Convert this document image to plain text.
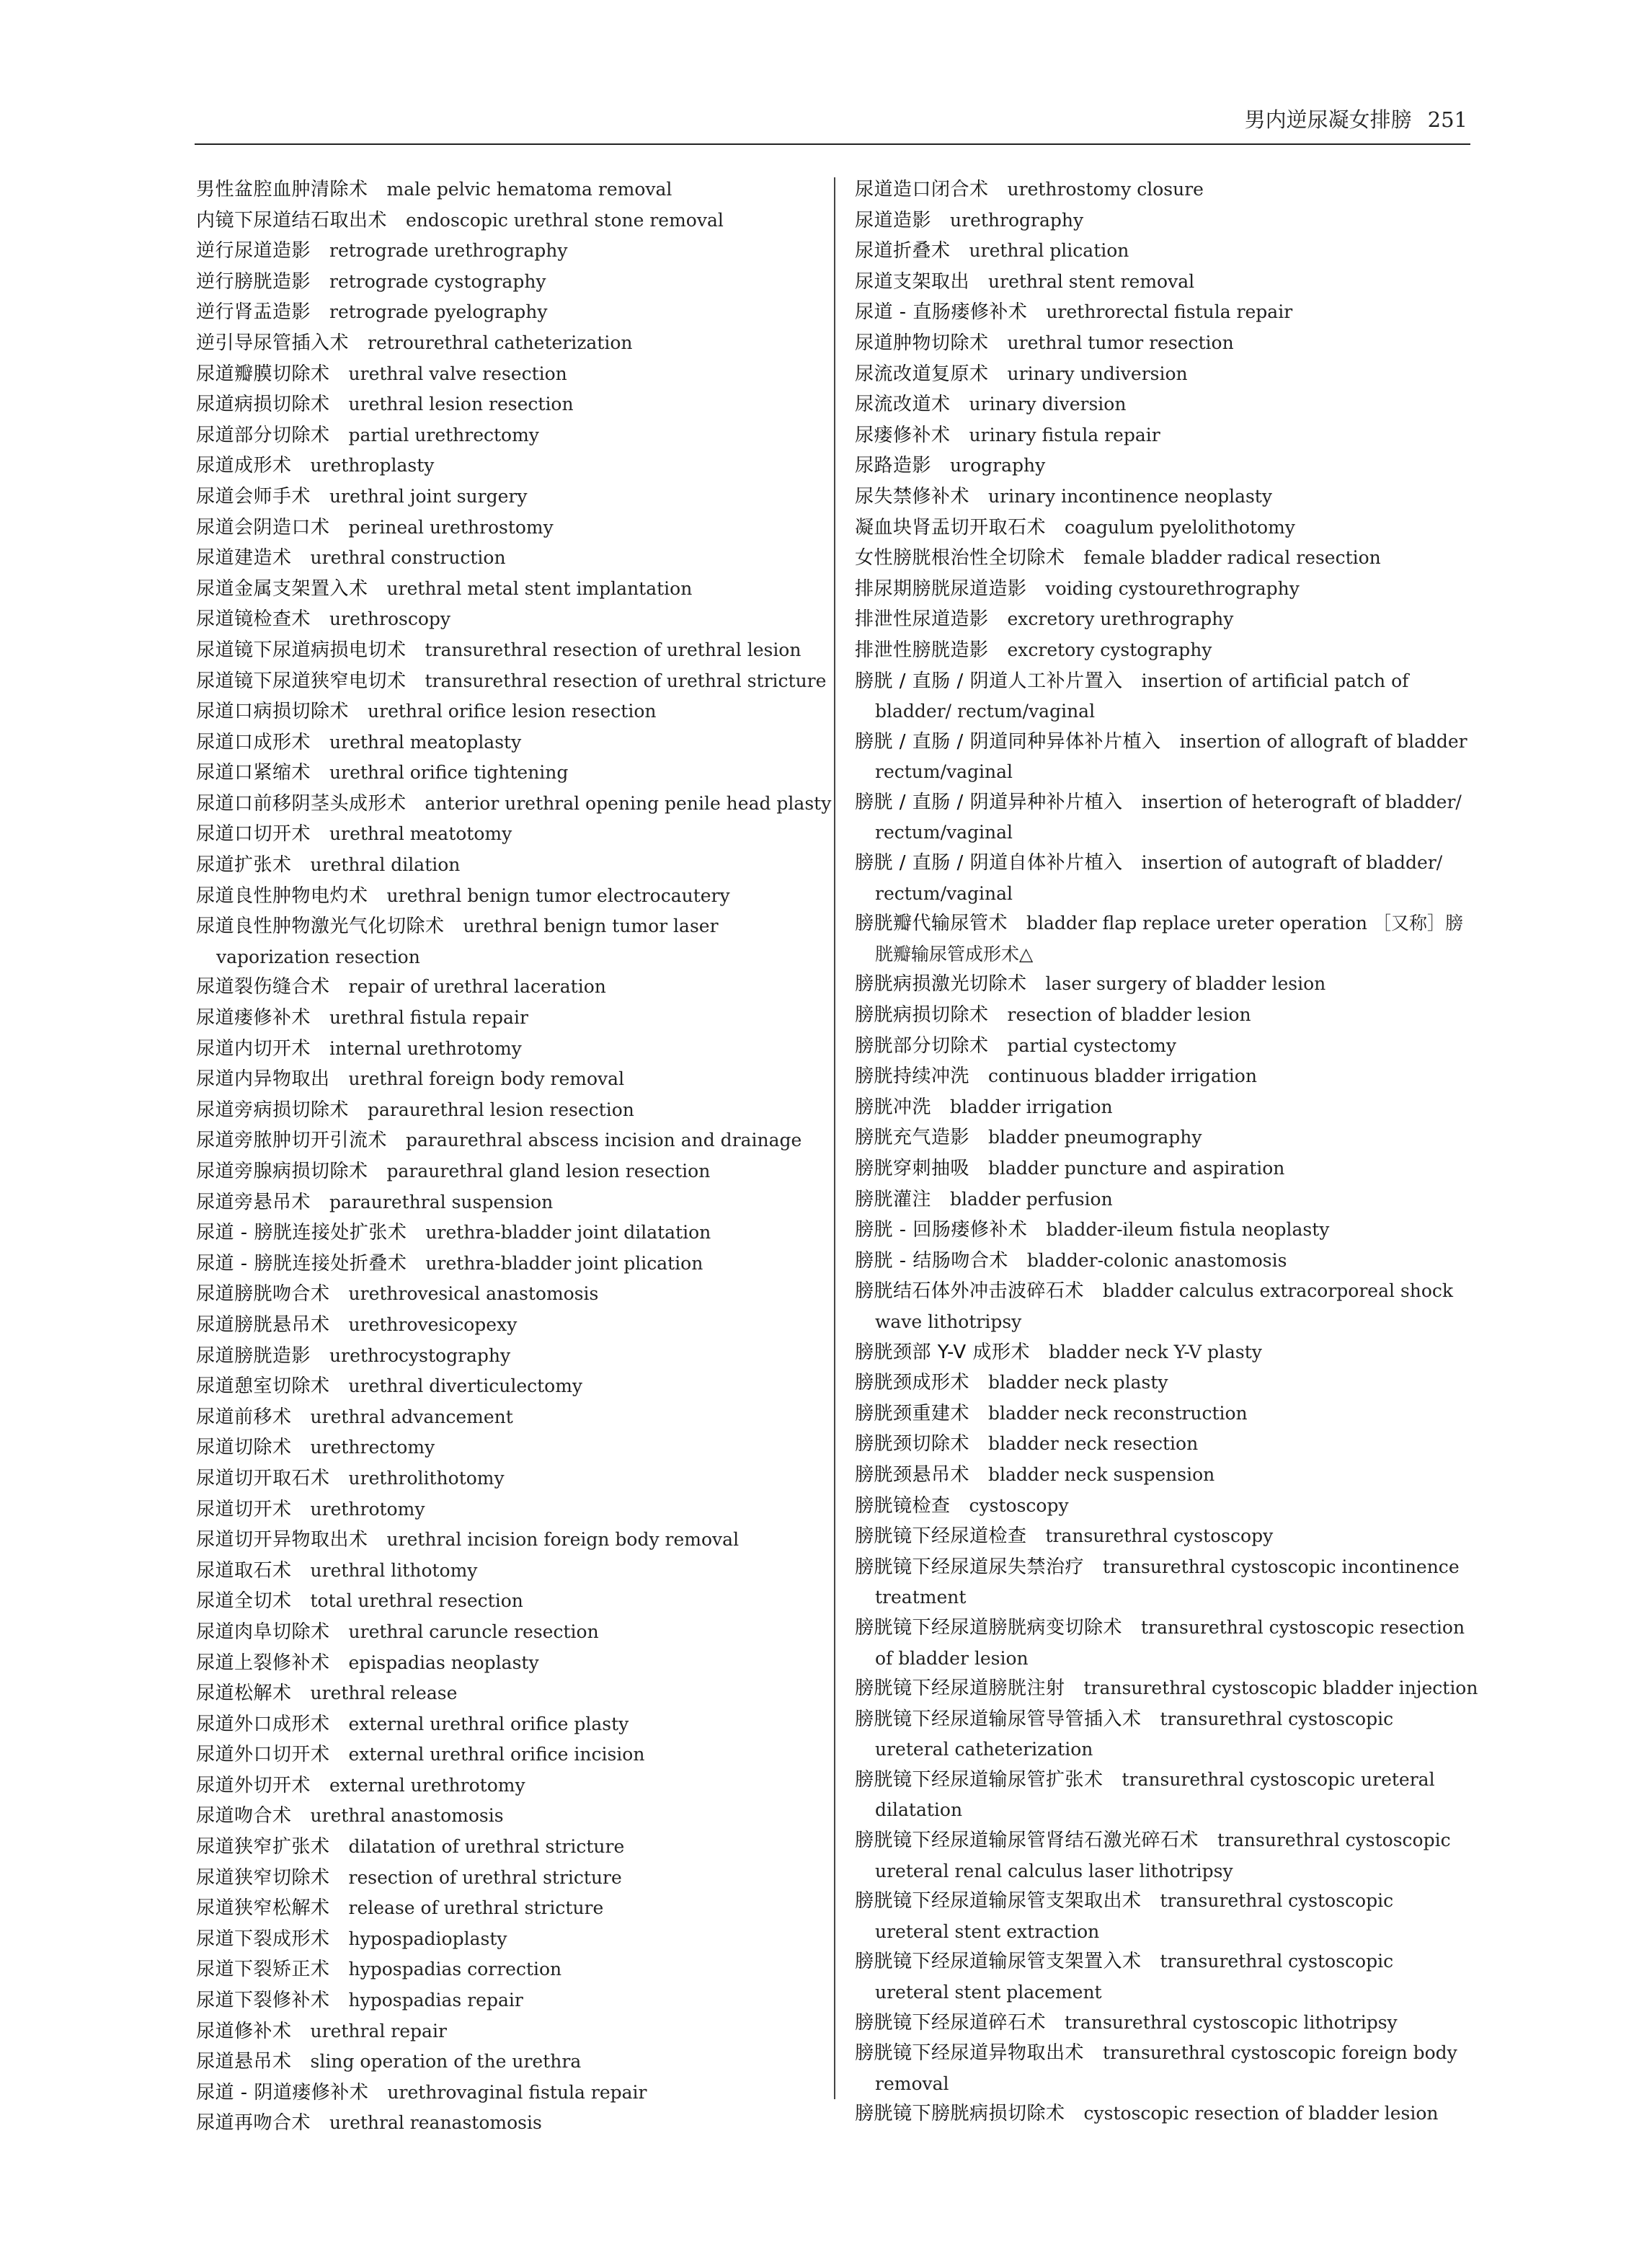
男内逆尿凝女排膀 251

男性盆腔血肿清除术 male pelvic hematoma removal

内镜下尿道结石取出术 endoscopic urethral stone removal

逆行尿道造影 retrograde urethrography

逆行膀胱造影 retrograde cystography

逆行肾盂造影 retrograde pyelography

逆引导尿管插入术 retrourethral catheterization

尿道瓣膜切除术 urethral valve resection

尿道病损切除术 urethral lesion resection

尿道部分切除术 partial urethrectomy

尿道成形术 urethroplasty

尿道会师手术 urethral joint surgery

尿道会阴造口术 perineal urethrostomy

尿道建造术 urethral construction

尿道金属支架置入术 urethral metal stent implantation

尿道镜检查术 urethroscopy

尿道镜下尿道病损电切术 transurethral resection of urethral lesion

尿道镜下尿道狭窄电切术 transurethral resection of urethral stricture

尿道口病损切除术 urethral orifice lesion resection

尿道口成形术 urethral meatoplasty

尿道口紧缩术 urethral orifice tightening

尿道口前移阴茎头成形术 anterior urethral opening penile head plasty

尿道口切开术 urethral meatotomy

尿道扩张术 urethral dilation

尿道良性肿物电灼术 urethral benign tumor electrocautery

尿道良性肿物激光气化切除术 urethral benign tumor laser vaporization resection

尿道裂伤缝合术 repair of urethral laceration

尿道瘘修补术 urethral fistula repair

尿道内切开术 internal urethrotomy

尿道内异物取出 urethral foreign body removal

尿道旁病损切除术 paraurethral lesion resection

尿道旁脓肿切开引流术 paraurethral abscess incision and drainage

尿道旁腺病损切除术 paraurethral gland lesion resection

尿道旁悬吊术 paraurethral suspension

尿道 - 膀胱连接处扩张术 urethra-bladder joint dilatation

尿道 - 膀胱连接处折叠术 urethra-bladder joint plication

尿道膀胱吻合术 urethrovesical anastomosis

尿道膀胱悬吊术 urethrovesicopexy

尿道膀胱造影 urethrocystography

尿道憩室切除术 urethral diverticulectomy

尿道前移术 urethral advancement

尿道切除术 urethrectomy

尿道切开取石术 urethrolithotomy

尿道切开术 urethrotomy

尿道切开异物取出术 urethral incision foreign body removal

尿道取石术 urethral lithotomy

尿道全切术 total urethral resection

尿道肉阜切除术 urethral caruncle resection

尿道上裂修补术 epispadias neoplasty

尿道松解术 urethral release

尿道外口成形术 external urethral orifice plasty

尿道外口切开术 external urethral orifice incision

尿道外切开术 external urethrotomy

尿道吻合术 urethral anastomosis

尿道狭窄扩张术 dilatation of urethral stricture

尿道狭窄切除术 resection of urethral stricture

尿道狭窄松解术 release of urethral stricture

尿道下裂成形术 hypospadioplasty

尿道下裂矫正术 hypospadias correction

尿道下裂修补术 hypospadias repair

尿道修补术 urethral repair

尿道悬吊术 sling operation of the urethra

尿道 - 阴道瘘修补术 urethrovaginal fistula repair

尿道再吻合术 urethral reanastomosis

尿道造口闭合术 urethrostomy closure

尿道造影 urethrography

尿道折叠术 urethral plication

尿道支架取出 urethral stent removal

尿道 - 直肠瘘修补术 urethrorectal fistula repair

尿道肿物切除术 urethral tumor resection

尿流改道复原术 urinary undiversion

尿流改道术 urinary diversion

尿瘘修补术 urinary fistula repair

尿路造影 urography

尿失禁修补术 urinary incontinence neoplasty

凝血块肾盂切开取石术 coagulum pyelolithotomy

女性膀胱根治性全切除术 female bladder radical resection

排尿期膀胱尿道造影 voiding cystourethrography

排泄性尿道造影 excretory urethrography

排泄性膀胱造影 excretory cystography

膀胱 / 直肠 / 阴道人工补片置入 insertion of artificial patch of bladder/ rectum/vaginal

膀胱 / 直肠 / 阴道同种异体补片植入 insertion of allograft of bladder rectum/vaginal

膀胱 / 直肠 / 阴道异种补片植入 insertion of heterograft of bladder/ rectum/vaginal

膀胱 / 直肠 / 阴道自体补片植入 insertion of autograft of bladder/ rectum/vaginal

膀胱瓣代输尿管术 bladder flap replace ureter operation ［又称］膀胱瓣输尿管成形术△

膀胱病损激光切除术 laser surgery of bladder lesion

膀胱病损切除术 resection of bladder lesion

膀胱部分切除术 partial cystectomy

膀胱持续冲洗 continuous bladder irrigation

膀胱冲洗 bladder irrigation

膀胱充气造影 bladder pneumography

膀胱穿刺抽吸 bladder puncture and aspiration

膀胱灌注 bladder perfusion

膀胱 - 回肠瘘修补术 bladder-ileum fistula neoplasty

膀胱 - 结肠吻合术 bladder-colonic anastomosis

膀胱结石体外冲击波碎石术 bladder calculus extracorporeal shock wave lithotripsy

膀胱颈部 Y-V 成形术 bladder neck Y-V plasty

膀胱颈成形术 bladder neck plasty

膀胱颈重建术 bladder neck reconstruction

膀胱颈切除术 bladder neck resection

膀胱颈悬吊术 bladder neck suspension

膀胱镜检查 cystoscopy

膀胱镜下经尿道检查 transurethral cystoscopy

膀胱镜下经尿道尿失禁治疗 transurethral cystoscopic incontinence treatment

膀胱镜下经尿道膀胱病变切除术 transurethral cystoscopic resection of bladder lesion

膀胱镜下经尿道膀胱注射 transurethral cystoscopic bladder injection

膀胱镜下经尿道输尿管导管插入术 transurethral cystoscopic ureteral catheterization

膀胱镜下经尿道输尿管扩张术 transurethral cystoscopic ureteral dilatation

膀胱镜下经尿道输尿管肾结石激光碎石术 transurethral cystoscopic ureteral renal calculus laser lithotripsy

膀胱镜下经尿道输尿管支架取出术 transurethral cystoscopic ureteral stent extraction

膀胱镜下经尿道输尿管支架置入术 transurethral cystoscopic ureteral stent placement

膀胱镜下经尿道碎石术 transurethral cystoscopic lithotripsy

膀胱镜下经尿道异物取出术 transurethral cystoscopic foreign body removal

膀胱镜下膀胱病损切除术 cystoscopic resection of bladder lesion
